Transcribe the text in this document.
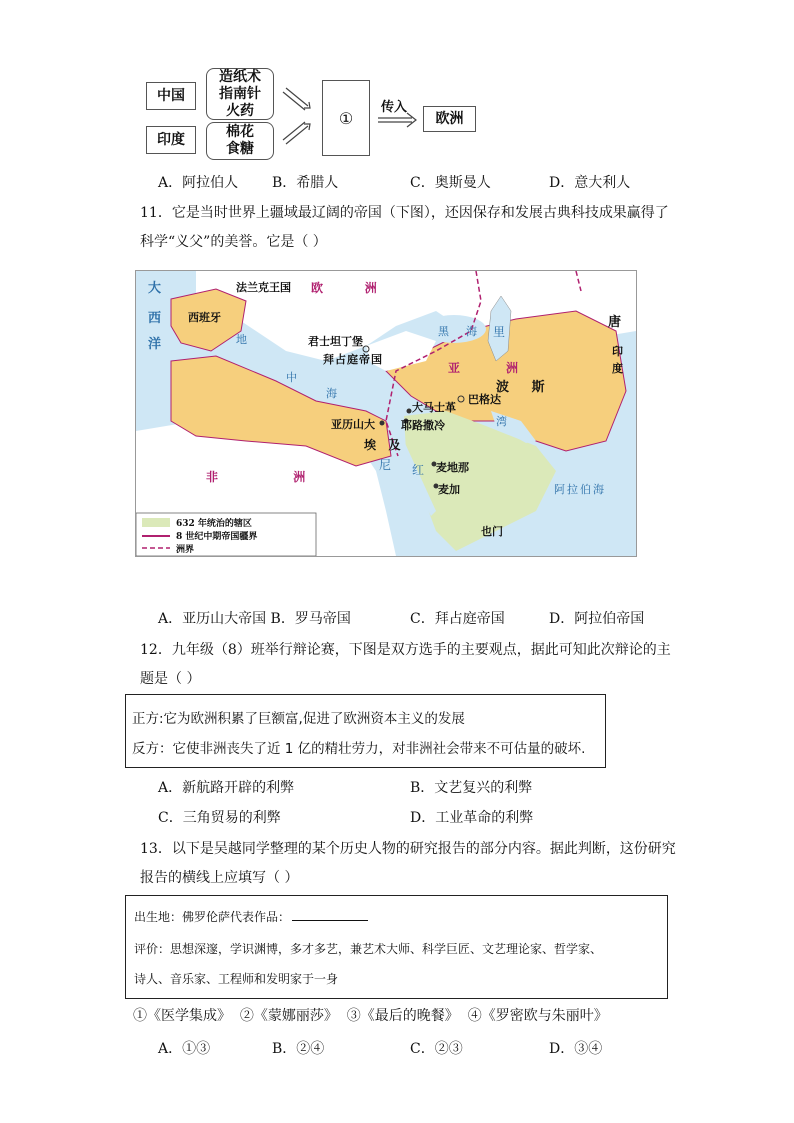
中国
造纸术
指南针
火药
印度	棉花
食糖
①
传入
欧洲
A．阿拉伯人 B．希腊人	C．奥斯曼人	D．意大利人
11．它是当时世界上疆域最辽阔的帝国（下图），还因保存和发展古典科技成果赢得了
科学“义父”的美誉。它是（ ）
大
西
洋
法兰克王国 欧          洲
西班牙
君士坦丁堡
拜占庭帝国
黑 海 里
亚           洲
唐
印度
波     斯
巴格达
大马士革
耶路撒冷
亚历山大
埃   及
尼 红
非                  洲
麦地那
麦加	阿拉伯海
地
中
海
湾
也门
632 年统治的辖区
8 世纪中期帝国疆界
洲界
A．亚历山大帝国 B．罗马帝国	C．拜占庭帝国	D．阿拉伯帝国
12．九年级（8）班举行辩论赛，下图是双方选手的主要观点，据此可知此次辩论的主
题是（ ）
正方:它为欧洲积累了巨额富,促进了欧洲资本主义的发展
反方：它使非洲丧失了近 1 亿的精壮劳力，对非洲社会带来不可估量的破坏.
A．新航路开辟的利弊	B．文艺复兴的利弊
C．三角贸易的利弊	D．工业革命的利弊
13．以下是吴越同学整理的某个历史人物的研究报告的部分内容。据此判断，这份研究
报告的横线上应填写（ ）
出生地：佛罗伦萨代表作品：
评价：思想深邃，学识渊博，多才多艺，兼艺术大师、科学巨匠、文艺理论家、哲学家、
诗人、音乐家、工程师和发明家于一身
①《医学集成》  ②《蒙娜丽莎》  ③《最后的晚餐》  ④《罗密欧与朱丽叶》
A．①③	B．②④	C．②③	D．③④
